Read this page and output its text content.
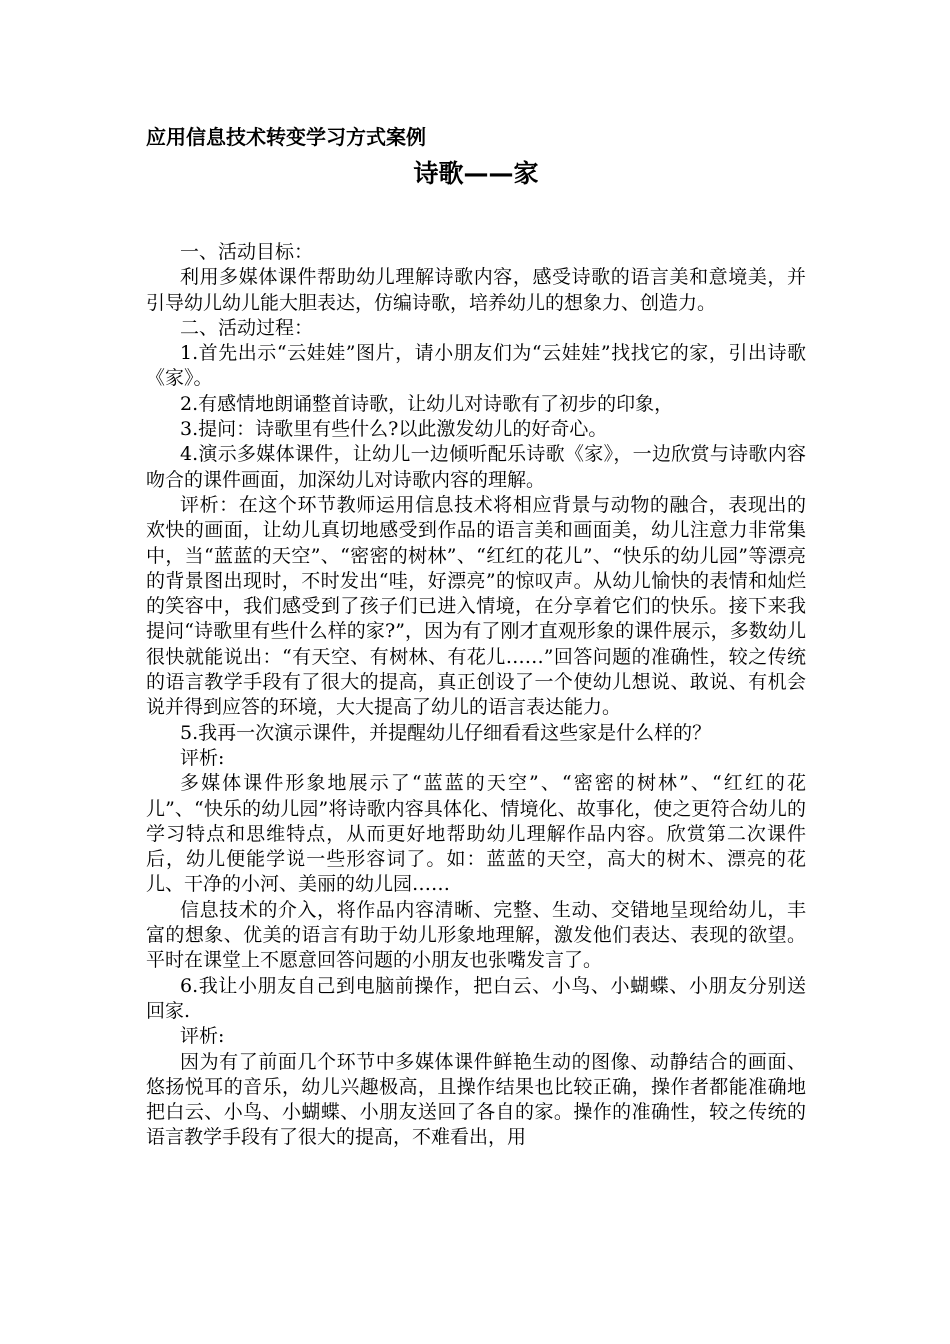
应用信息技术转变学习方式案例
诗歌——家

一、活动目标：

利用多媒体课件帮助幼儿理解诗歌内容，感受诗歌的语言美和意境美，并引导幼儿幼儿能大胆表达，仿编诗歌，培养幼儿的想象力、创造力。

二、活动过程：

1.首先出示“云娃娃”图片，请小朋友们为“云娃娃”找找它的家，引出诗歌《家》。

2.有感情地朗诵整首诗歌，让幼儿对诗歌有了初步的印象，

3.提问：诗歌里有些什么?以此激发幼儿的好奇心。

4.演示多媒体课件，让幼儿一边倾听配乐诗歌《家》，一边欣赏与诗歌内容吻合的课件画面，加深幼儿对诗歌内容的理解。

评析：在这个环节教师运用信息技术将相应背景与动物的融合，表现出的欢快的画面，让幼儿真切地感受到作品的语言美和画面美，幼儿注意力非常集中，当“蓝蓝的天空”、“密密的树林”、“红红的花儿”、“快乐的幼儿园”等漂亮的背景图出现时，不时发出“哇，好漂亮”的惊叹声。从幼儿愉快的表情和灿烂的笑容中，我们感受到了孩子们已进入情境，在分享着它们的快乐。接下来我提问“诗歌里有些什么样的家?”，因为有了刚才直观形象的课件展示，多数幼儿很快就能说出：“有天空、有树林、有花儿……”回答问题的准确性，较之传统的语言教学手段有了很大的提高，真正创设了一个使幼儿想说、敢说、有机会说并得到应答的环境，大大提高了幼儿的语言表达能力。

5.我再一次演示课件，并提醒幼儿仔细看看这些家是什么样的？

评析:

多媒体课件形象地展示了“蓝蓝的天空”、“密密的树林”、“红红的花儿”、“快乐的幼儿园”将诗歌内容具体化、情境化、故事化，使之更符合幼儿的学习特点和思维特点，从而更好地帮助幼儿理解作品内容。欣赏第二次课件后，幼儿便能学说一些形容词了。如：蓝蓝的天空，高大的树木、漂亮的花儿、干净的小河、美丽的幼儿园……

信息技术的介入，将作品内容清晰、完整、生动、交错地呈现给幼儿，丰富的想象、优美的语言有助于幼儿形象地理解，激发他们表达、表现的欲望。平时在课堂上不愿意回答问题的小朋友也张嘴发言了。

6.我让小朋友自己到电脑前操作，把白云、小鸟、小蝴蝶、小朋友分别送回家.

评析:

因为有了前面几个环节中多媒体课件鲜艳生动的图像、动静结合的画面、悠扬悦耳的音乐，幼儿兴趣极高，且操作结果也比较正确，操作者都能准确地把白云、小鸟、小蝴蝶、小朋友送回了各自的家。操作的准确性，较之传统的语言教学手段有了很大的提高，不难看出，用
